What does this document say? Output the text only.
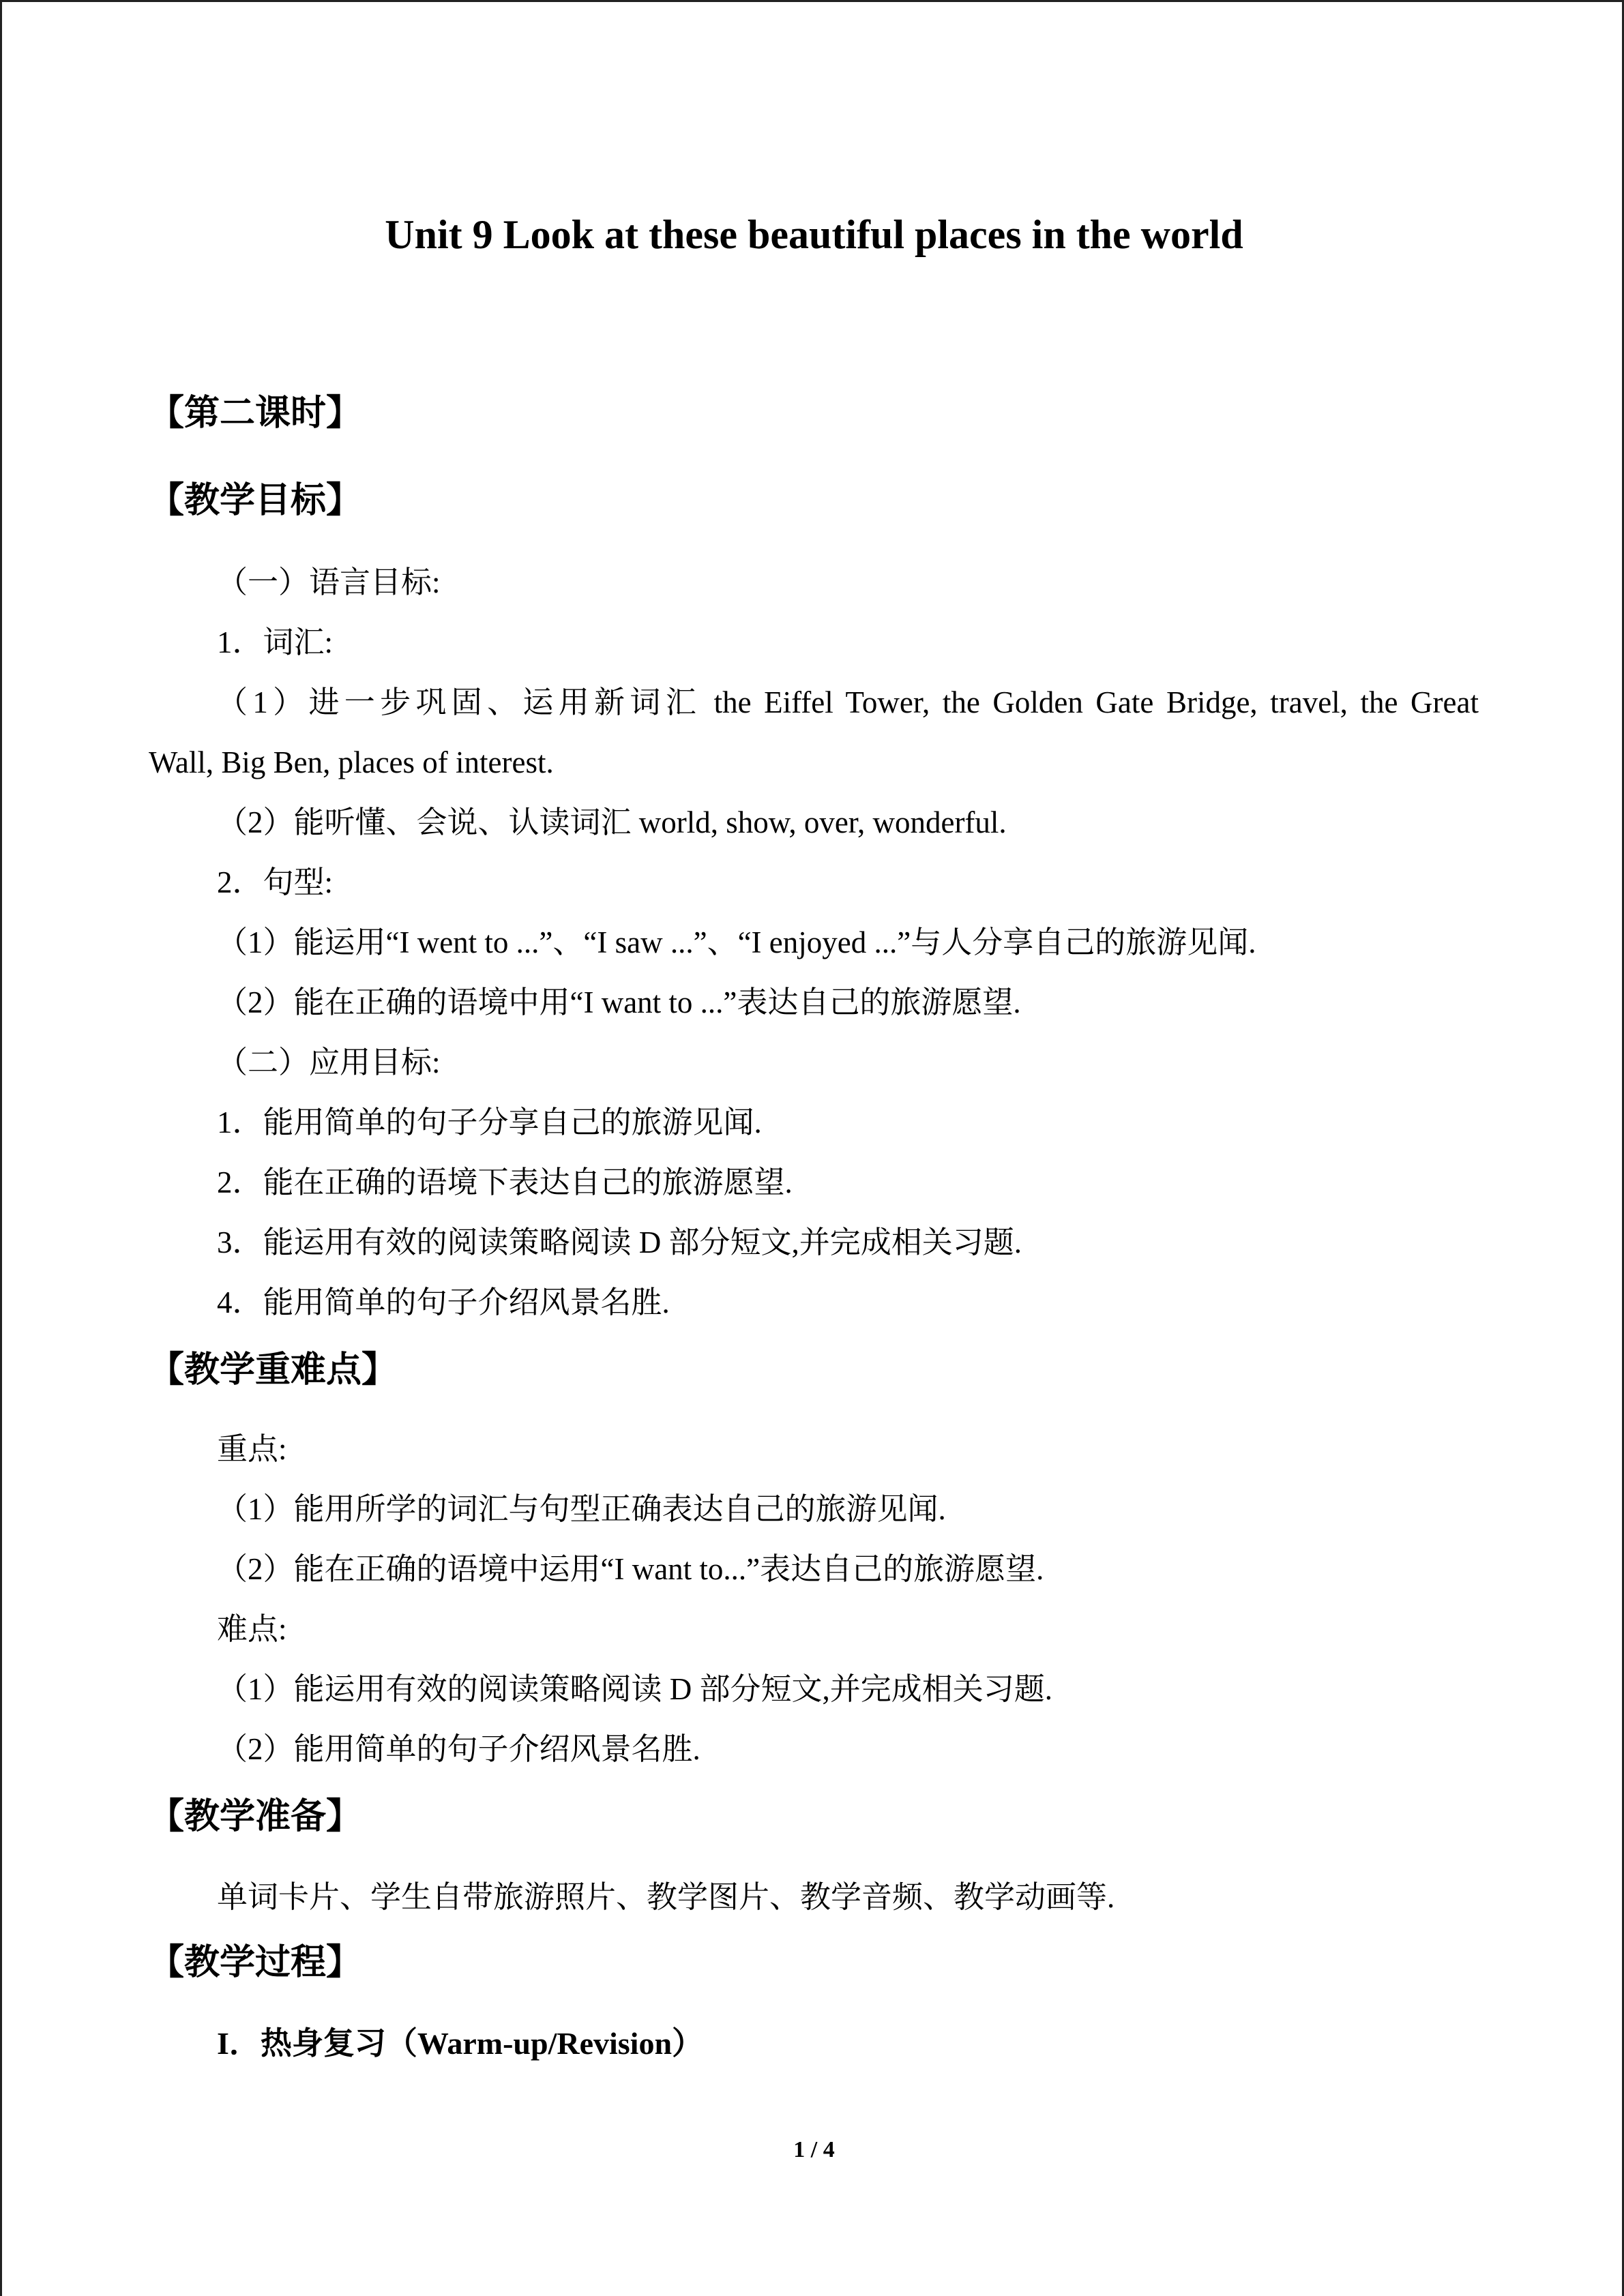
Unit 9 Look at these beautiful places in the world
【第二课时】
【教学目标】
（一）语言目标:
1．词汇:
（1）进一步巩固、运用新词汇 the Eiffel Tower, the Golden Gate Bridge, travel, the Great
Wall, Big Ben, places of interest.
（2）能听懂、会说、认读词汇 world, show, over, wonderful.
2．句型:
（1）能运用“I went to ...”、“I saw ...”、“I enjoyed ...”与人分享自己的旅游见闻.
（2）能在正确的语境中用“I want to ...”表达自己的旅游愿望.
（二）应用目标:
1．能用简单的句子分享自己的旅游见闻.
2．能在正确的语境下表达自己的旅游愿望.
3．能运用有效的阅读策略阅读 D 部分短文,并完成相关习题.
4．能用简单的句子介绍风景名胜.
【教学重难点】
重点:
（1）能用所学的词汇与句型正确表达自己的旅游见闻.
（2）能在正确的语境中运用“I want to...”表达自己的旅游愿望.
难点:
（1）能运用有效的阅读策略阅读 D 部分短文,并完成相关习题.
（2）能用简单的句子介绍风景名胜.
【教学准备】
单词卡片、学生自带旅游照片、教学图片、教学音频、教学动画等.
【教学过程】
I．热身复习（Warm-up/Revision）
1 / 4
